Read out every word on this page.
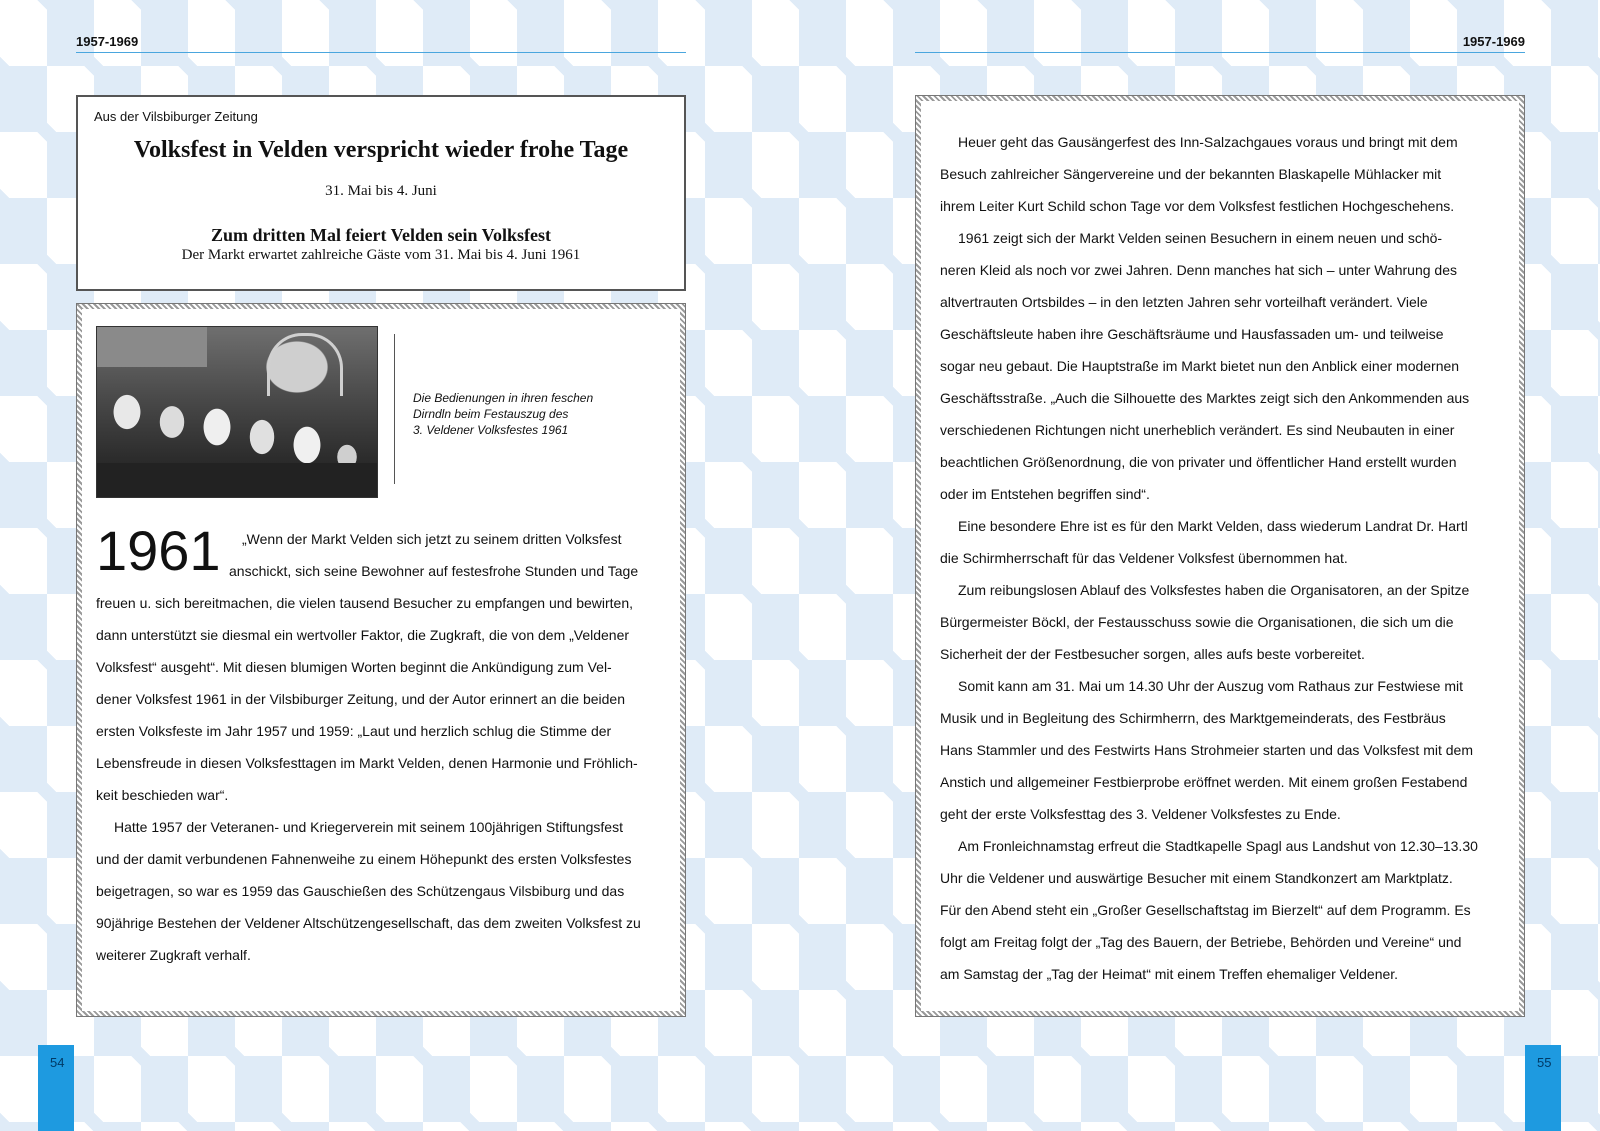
1957-1969	1957-1969
Aus der Vilsbiburger Zeitung
Volksfest in Velden verspricht wieder frohe Tage
31. Mai bis 4. Juni
Zum dritten Mal feiert Velden sein Volksfest
Der Markt erwartet zahlreiche Gäste vom 31. Mai bis 4. Juni 1961
Die Bedienungen in ihren feschen
Dirndln beim Festauszug des
3. Veldener Volksfestes 1961
1961 „Wenn der Markt Velden sich jetzt zu seinem dritten Volksfest
anschickt, sich seine Bewohner auf festesfrohe Stunden und Tage
freuen u. sich bereitmachen, die vielen tausend Besucher zu empfangen und bewirten,
dann unterstützt sie diesmal ein wertvoller Faktor, die Zugkraft, die von dem „Veldener
Volksfest“ ausgeht“. Mit diesen blumigen Worten beginnt die Ankündigung zum Vel-
dener Volksfest 1961 in der Vilsbiburger Zeitung, und der Autor erinnert an die beiden
ersten Volksfeste im Jahr 1957 und 1959: „Laut und herzlich schlug die Stimme der
Lebensfreude in diesen Volksfesttagen im Markt Velden, denen Harmonie und Fröhlich-
keit beschieden war“.
Hatte 1957 der Veteranen- und Kriegerverein mit seinem 100jährigen Stiftungsfest
und der damit verbundenen Fahnenweihe zu einem Höhepunkt des ersten Volksfestes
beigetragen, so war es 1959 das Gauschießen des Schützengaus Vilsbiburg und das
90jährige Bestehen der Veldener Altschützengesellschaft, das dem zweiten Volksfest zu
weiterer Zugkraft verhalf.
Heuer geht das Gausängerfest des Inn-Salzachgaues voraus und bringt mit dem
Besuch zahlreicher Sängervereine und der bekannten Blaskapelle Mühlacker mit
ihrem Leiter Kurt Schild schon Tage vor dem Volksfest festlichen Hochgeschehens.
1961 zeigt sich der Markt Velden seinen Besuchern in einem neuen und schö-
neren Kleid als noch vor zwei Jahren. Denn manches hat sich – unter Wahrung des
altvertrauten Ortsbildes – in den letzten Jahren sehr vorteilhaft verändert. Viele
Geschäftsleute haben ihre Geschäftsräume und Hausfassaden um- und teilweise
sogar neu gebaut. Die Hauptstraße im Markt bietet nun den Anblick einer modernen
Geschäftsstraße. „Auch die Silhouette des Marktes zeigt sich den Ankommenden aus
verschiedenen Richtungen nicht unerheblich verändert. Es sind Neubauten in einer
beachtlichen Größenordnung, die von privater und öffentlicher Hand erstellt wurden
oder im Entstehen begriffen sind“.
Eine besondere Ehre ist es für den Markt Velden, dass wiederum Landrat Dr. Hartl
die Schirmherrschaft für das Veldener Volksfest übernommen hat.
Zum reibungslosen Ablauf des Volksfestes haben die Organisatoren, an der Spitze
Bürgermeister Böckl, der Festausschuss sowie die Organisationen, die sich um die
Sicherheit der der Festbesucher sorgen, alles aufs beste vorbereitet.
Somit kann am 31. Mai um 14.30 Uhr der Auszug vom Rathaus zur Festwiese mit
Musik und in Begleitung des Schirmherrn, des Marktgemeinderats, des Festbräus
Hans Stammler und des Festwirts Hans Strohmeier starten und das Volksfest mit dem
Anstich und allgemeiner Festbierprobe eröffnet werden. Mit einem großen Festabend
geht der erste Volksfesttag des 3. Veldener Volksfestes zu Ende.
Am Fronleichnamstag erfreut die Stadtkapelle Spagl aus Landshut von 12.30–13.30
Uhr die Veldener und auswärtige Besucher mit einem Standkonzert am Marktplatz.
Für den Abend steht ein „Großer Gesellschaftstag im Bierzelt“ auf dem Programm. Es
folgt am Freitag folgt der „Tag des Bauern, der Betriebe, Behörden und Vereine“ und
am Samstag der „Tag der Heimat“ mit einem Treffen ehemaliger Veldener.
54	55
